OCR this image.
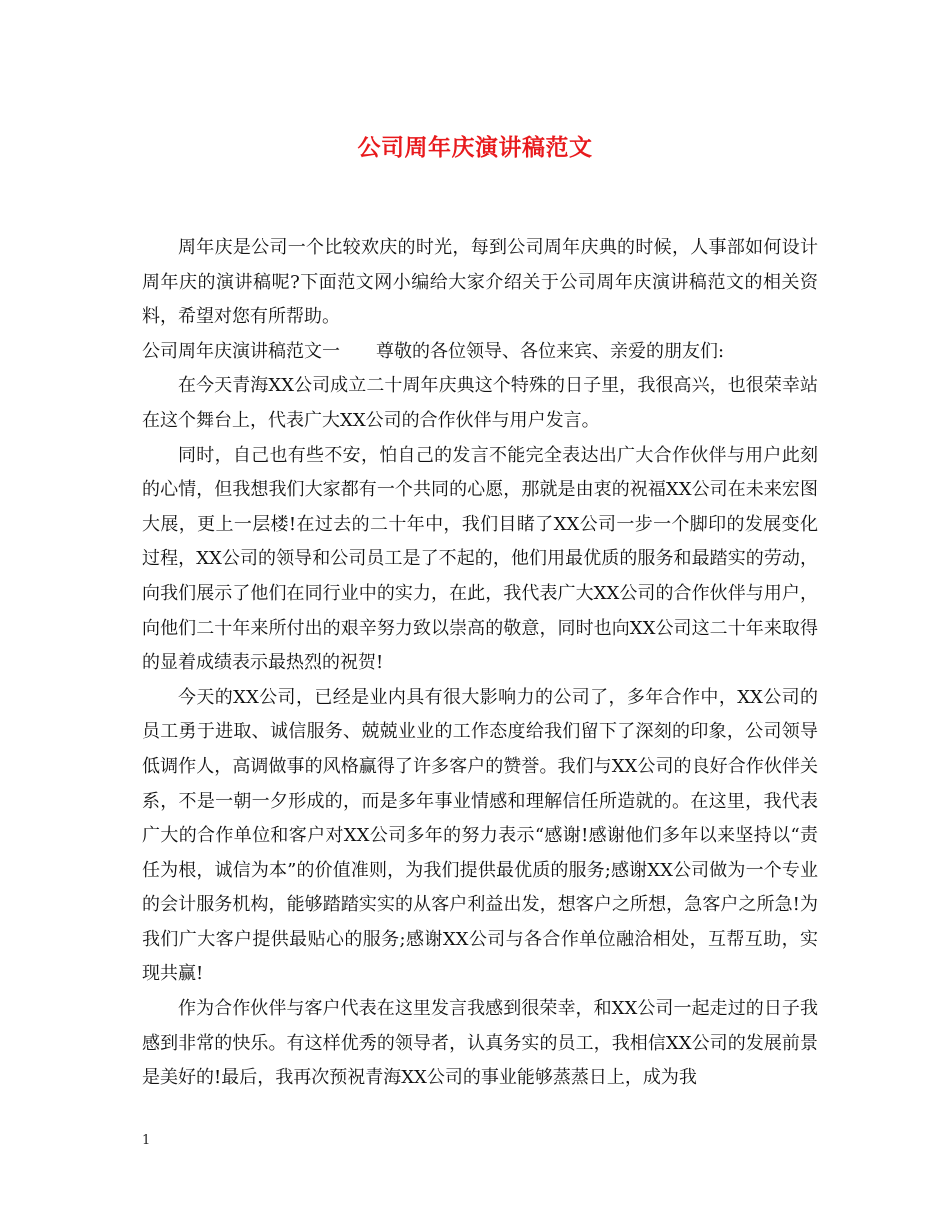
公司周年庆演讲稿范文

周年庆是公司一个比较欢庆的时光，每到公司周年庆典的时候，人事部如何设计周年庆的演讲稿呢?下面范文网小编给大家介绍关于公司周年庆演讲稿范文的相关资料，希望对您有所帮助。

公司周年庆演讲稿范文一 尊敬的各位领导、各位来宾、亲爱的朋友们:

在今天青海XX公司成立二十周年庆典这个特殊的日子里，我很高兴，也很荣幸站在这个舞台上，代表广大XX公司的合作伙伴与用户发言。

同时，自己也有些不安，怕自己的发言不能完全表达出广大合作伙伴与用户此刻的心情，但我想我们大家都有一个共同的心愿，那就是由衷的祝福XX公司在未来宏图大展，更上一层楼!在过去的二十年中，我们目睹了XX公司一步一个脚印的发展变化过程，XX公司的领导和公司员工是了不起的，他们用最优质的服务和最踏实的劳动，向我们展示了他们在同行业中的实力，在此，我代表广大XX公司的合作伙伴与用户，向他们二十年来所付出的艰辛努力致以崇高的敬意，同时也向XX公司这二十年来取得的显着成绩表示最热烈的祝贺!

今天的XX公司，已经是业内具有很大影响力的公司了，多年合作中，XX公司的员工勇于进取、诚信服务、兢兢业业的工作态度给我们留下了深刻的印象，公司领导低调作人，高调做事的风格赢得了许多客户的赞誉。我们与XX公司的良好合作伙伴关系，不是一朝一夕形成的，而是多年事业情感和理解信任所造就的。在这里，我代表广大的合作单位和客户对XX公司多年的努力表示“感谢!感谢他们多年以来坚持以“责任为根，诚信为本”的价值准则，为我们提供最优质的服务;感谢XX公司做为一个专业的会计服务机构，能够踏踏实实的从客户利益出发，想客户之所想，急客户之所急!为我们广大客户提供最贴心的服务;感谢XX公司与各合作单位融洽相处，互帮互助，实现共赢!

作为合作伙伴与客户代表在这里发言我感到很荣幸，和XX公司一起走过的日子我感到非常的快乐。有这样优秀的领导者，认真务实的员工，我相信XX公司的发展前景是美好的!最后，我再次预祝青海XX公司的事业能够蒸蒸日上，成为我

1
